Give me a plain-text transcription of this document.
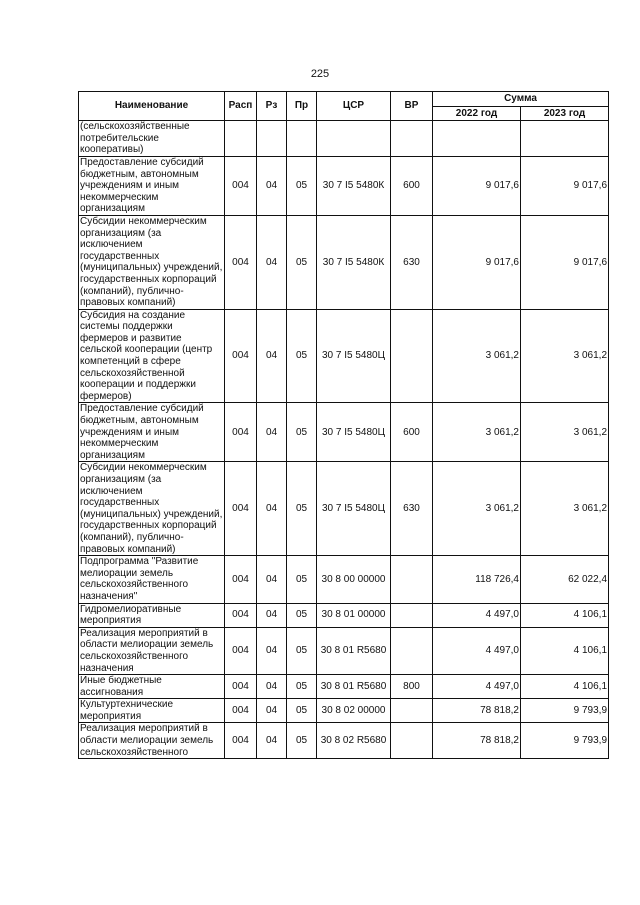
225
Наименование	Расп	Рз	Пр	ЦСР	ВР	Сумма	
						2022 год	2023 год
(сельскохозяйственные потребительские кооперативы)							
Предоставление субсидий бюджетным, автономным учреждениям и иным некоммерческим организациям	004	04	05	30 7 I5 5480К	600	9 017,6	9 017,6
Субсидии некоммерческим организациям (за исключением государственных (муниципальных) учреждений, государственных корпораций (компаний), публично-правовых компаний)	004	04	05	30 7 I5 5480К	630	9 017,6	9 017,6
Субсидия на создание системы поддержки фермеров и развитие сельской кооперации (центр компетенций в сфере сельскохозяйственной кооперации и поддержки фермеров)	004	04	05	30 7 I5 5480Ц		3 061,2	3 061,2
Предоставление субсидий бюджетным, автономным учреждениям и иным некоммерческим организациям	004	04	05	30 7 I5 5480Ц	600	3 061,2	3 061,2
Субсидии некоммерческим организациям (за исключением государственных (муниципальных) учреждений, государственных корпораций (компаний), публично-правовых компаний)	004	04	05	30 7 I5 5480Ц	630	3 061,2	3 061,2
Подпрограмма "Развитие мелиорации земель сельскохозяйственного назначения"	004	04	05	30 8 00 00000		118 726,4	62 022,4
Гидромелиоративные мероприятия	004	04	05	30 8 01 00000		4 497,0	4 106,1
Реализация мероприятий в области мелиорации земель сельскохозяйственного назначения	004	04	05	30 8 01 R5680		4 497,0	4 106,1
Иные бюджетные ассигнования	004	04	05	30 8 01 R5680	800	4 497,0	4 106,1
Культуртехнические мероприятия	004	04	05	30 8 02 00000		78 818,2	9 793,9
Реализация мероприятий в области мелиорации земель сельскохозяйственного	004	04	05	30 8 02 R5680		78 818,2	9 793,9
